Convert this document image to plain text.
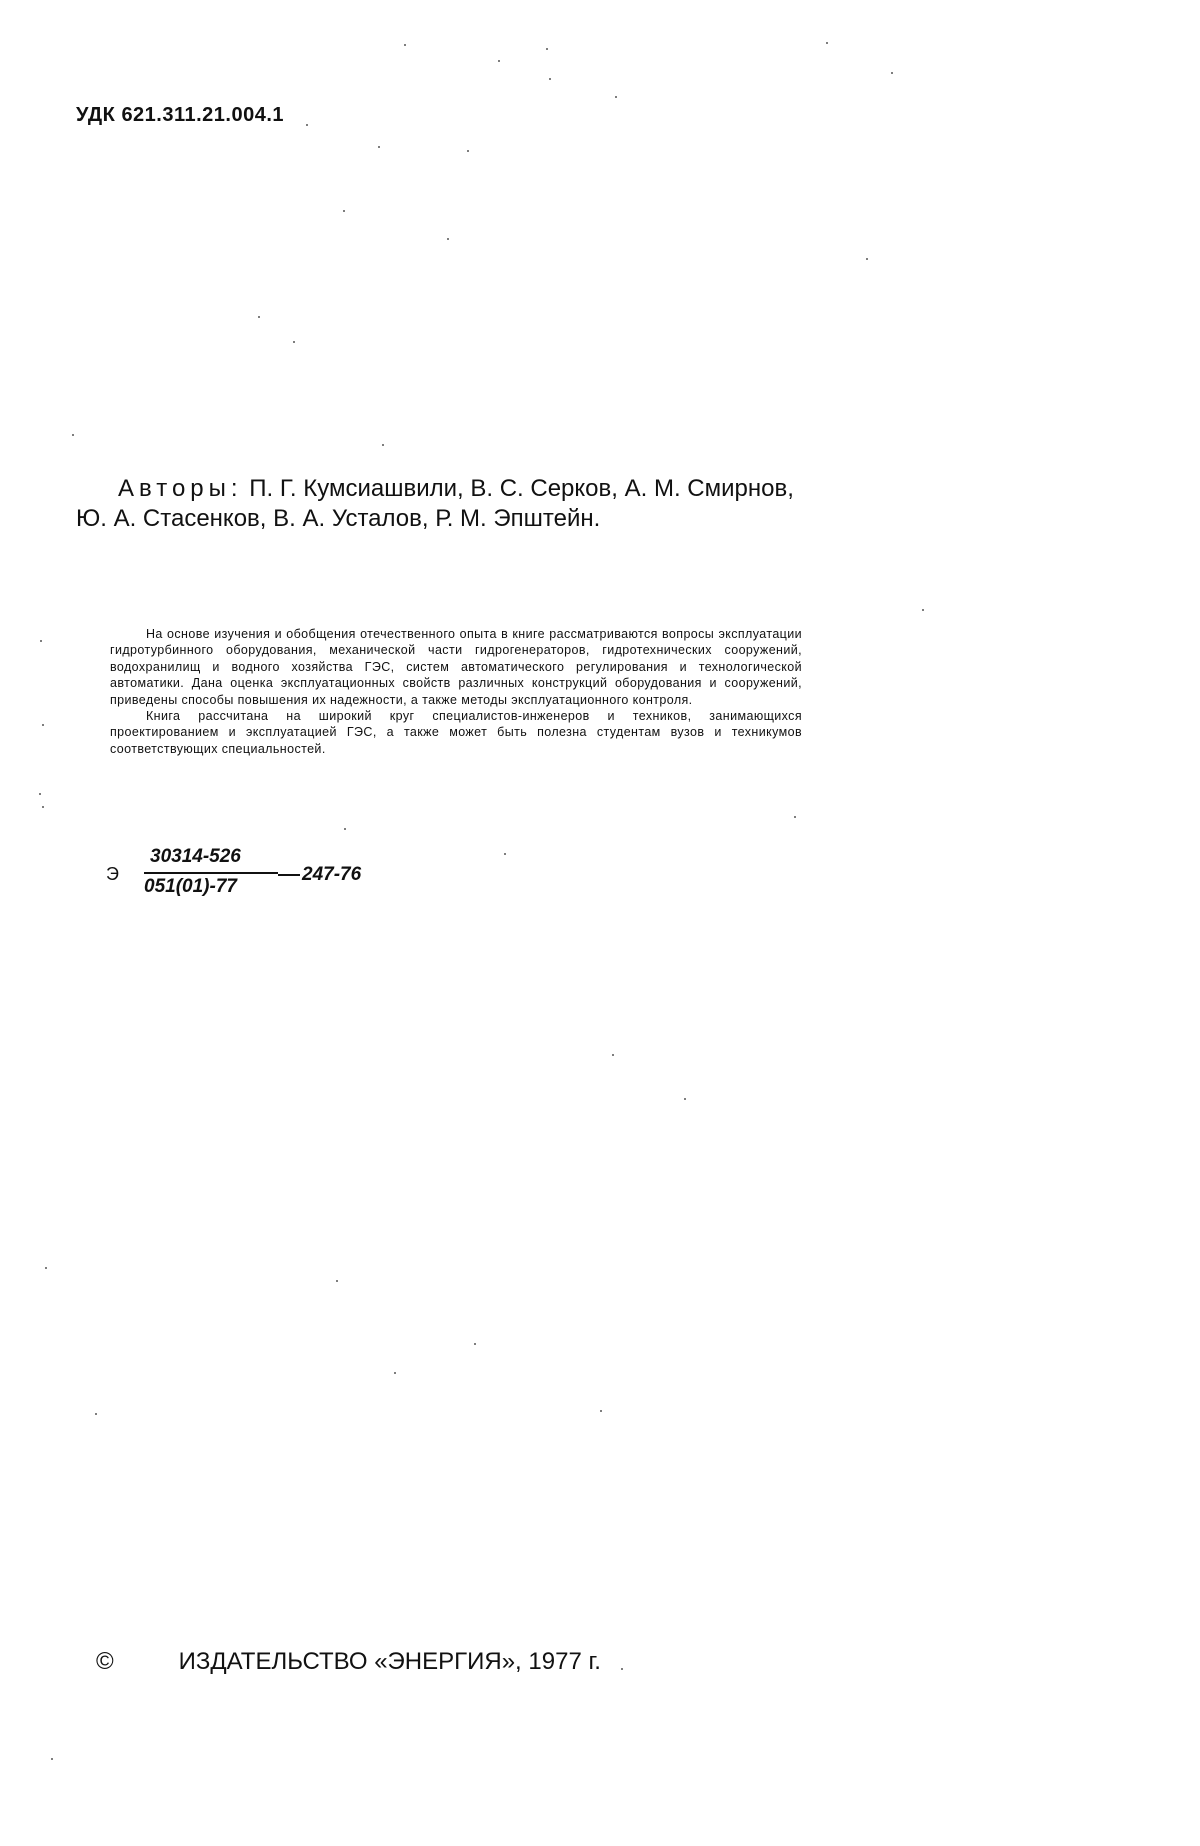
УДК 621.311.21.004.1
Авторы: П. Г. Кумсиашвили, В. С. Серков, А. М. Смирнов,
Ю. А. Стасенков, В. А. Усталов, Р. М. Эпштейн.

На основе изучения и обобщения отечественного опыта в книге рассматриваются вопросы эксплуатации гидротурбинного оборудования, механической части гидрогенераторов, гидротехнических сооружений, водохранилищ и водного хозяйства ГЭС, систем автоматического регулирования и технологической автоматики. Дана оценка эксплуатационных свойств различных конструкций оборудования и сооружений, приведены способы повышения их надежности, а также методы эксплуатационного контроля.

Книга рассчитана на широкий круг специалистов-инженеров и техников, занимающихся проектированием и эксплуатацией ГЭС, а также может быть полезна студентам вузов и техникумов соответствующих специальностей.

Э
30314-526
051(01)-77
247-76
©	ИЗДАТЕЛЬСТВО «ЭНЕРГИЯ», 1977 г.
